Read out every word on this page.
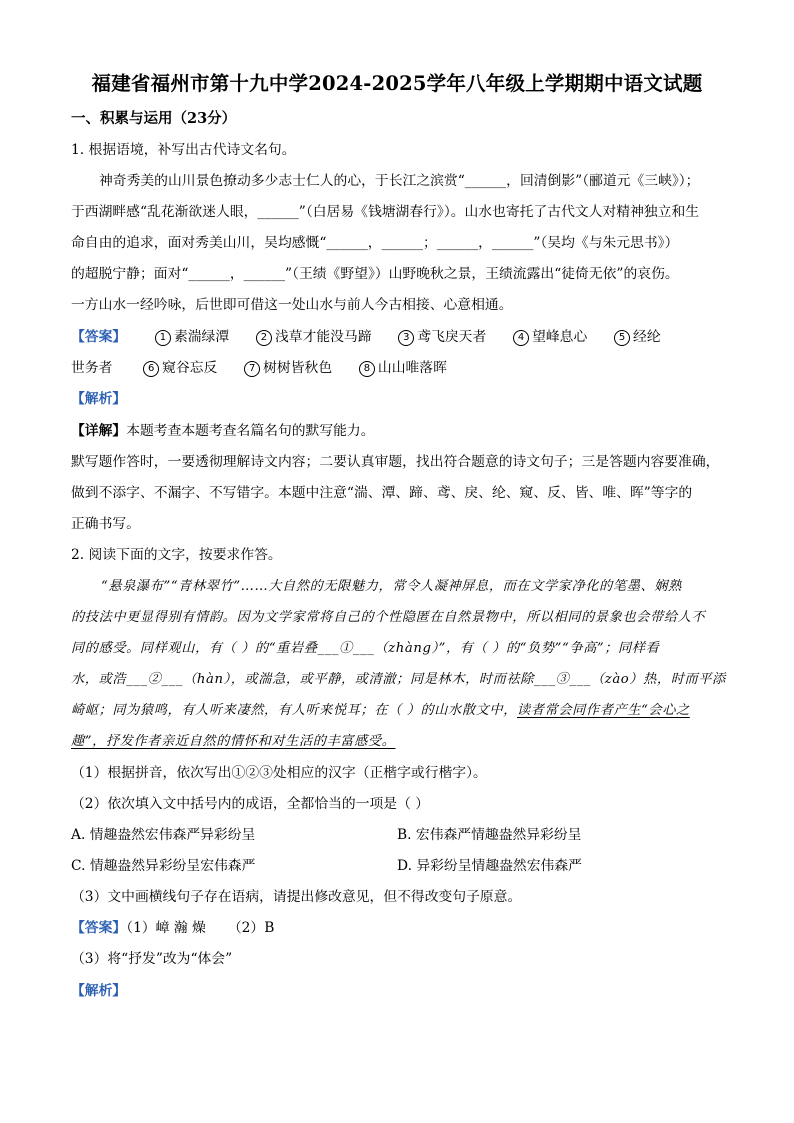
福建省福州市第十九中学2024-2025学年八年级上学期期中语文试题
一、积累与运用（23分）
1. 根据语境，补写出古代诗文名句。
神奇秀美的山川景色撩动多少志士仁人的心，于长江之滨赏“______，回清倒影”（郦道元《三峡》）；
于西湖畔感“乱花渐欲迷人眼，______”（白居易《钱塘湖春行》）。山水也寄托了古代文人对精神独立和生
命自由的追求，面对秀美山川，吴均感慨“______，______；______，______”（吴均《与朱元思书》）
的超脱宁静；面对“______，______”（王绩《野望》）山野晚秋之景，王绩流露出“徒倚无依”的哀伤。
一方山水一经吟咏，后世即可借这一处山水与前人今古相接、心意相通。
【答案】	1 素湍绿潭	2 浅草才能没马蹄	3 鸢飞戾天者	4 望峰息心	5 经纶
世务者	6 窥谷忘反	7 树树皆秋色	8 山山唯落晖
【解析】
【详解】本题考查本题考查名篇名句的默写能力。
默写题作答时，一要透彻理解诗文内容；二要认真审题，找出符合题意的诗文句子；三是答题内容要准确，
做到不添字、不漏字、不写错字。本题中注意“湍、潭、蹄、鸢、戾、纶、窥、反、皆、唯、晖”等字的
正确书写。
2. 阅读下面的文字，按要求作答。
“悬泉瀑布”“青林翠竹”……大自然的无限魅力，常令人凝神屏息，而在文学家净化的笔墨、娴熟
的技法中更显得别有情韵。因为文学家常将自己的个性隐匿在自然景物中，所以相同的景象也会带给人不
同的感受。同样观山，有（ ）的“重岩叠___①___（zhàng）”，有（ ）的“负势”“争高”；同样看
水，或浩___②___（hàn），或湍急，或平静，或清澈；同是林木，时而祛除___③___（zào）热，时而平添
崎岖；同为猿鸣，有人听来凄然，有人听来悦耳；在（ ）的山水散文中，读者常会同作者产生“会心之
趣”，抒发作者亲近自然的情怀和对生活的丰富感受。
（1）根据拼音，依次写出①②③处相应的汉字（正楷字或行楷字）。
（2）依次填入文中括号内的成语，全都恰当的一项是（ ）
A. 情趣盎然宏伟森严异彩纷呈	B. 宏伟森严情趣盎然异彩纷呈
C. 情趣盎然异彩纷呈宏伟森严	D. 异彩纷呈情趣盎然宏伟森严
（3）文中画横线句子存在语病，请提出修改意见，但不得改变句子原意。
【答案】（1）嶂 瀚 燥 （2）B
（3）将“抒发”改为“体会”
【解析】
